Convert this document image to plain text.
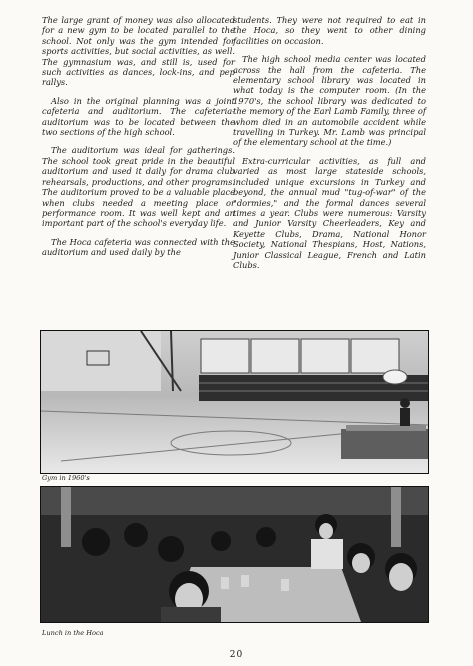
The large grant of money was also allocated for a new gym to be located parallel to the school. Not only was the gym intended for sports activities, but social activities, as well. The gymnasium was, and still is, used for such activities as dances, lock-ins, and pep rallys.

Also in the original planning was a joint cafeteria and auditorium. The cafeteria-auditorium was to be located between the two sections of the high school.

The auditorium was ideal for gatherings. The school took great pride in the beautiful auditorium and used it daily for drama club rehearsals, productions, and other programs. The auditorium proved to be a valuable place when clubs needed a meeting place or performance room. It was well kept and an important part of the school's everyday life.

The Hoca cafeteria was connected with the auditorium and used daily by the

students. They were not required to eat in the Hoca, so they went to other dining facilities on occasion.

The high school media center was located across the hall from the cafeteria. The elementary school library was located in what today is the computer room. (In the 1970's, the school library was dedicated to the memory of the Earl Lamb Family, three of whom died in an automobile accident while travelling in Turkey. Mr. Lamb was principal of the elementary school at the time.)

Extra-curricular activities, as full and varied as most large stateside schools, included unique excursions in Turkey and beyond, the annual mud "tug-of-war" of the "dormies," and the formal dances several times a year. Clubs were numerous: Varsity and Junior Varsity Cheerleaders, Key and Keyette Clubs, Drama, National Honor Society, National Thespians, Host, Nations, Junior Classical League, French and Latin Clubs.

Gym in 1960's
Lunch in the Hoca
20
